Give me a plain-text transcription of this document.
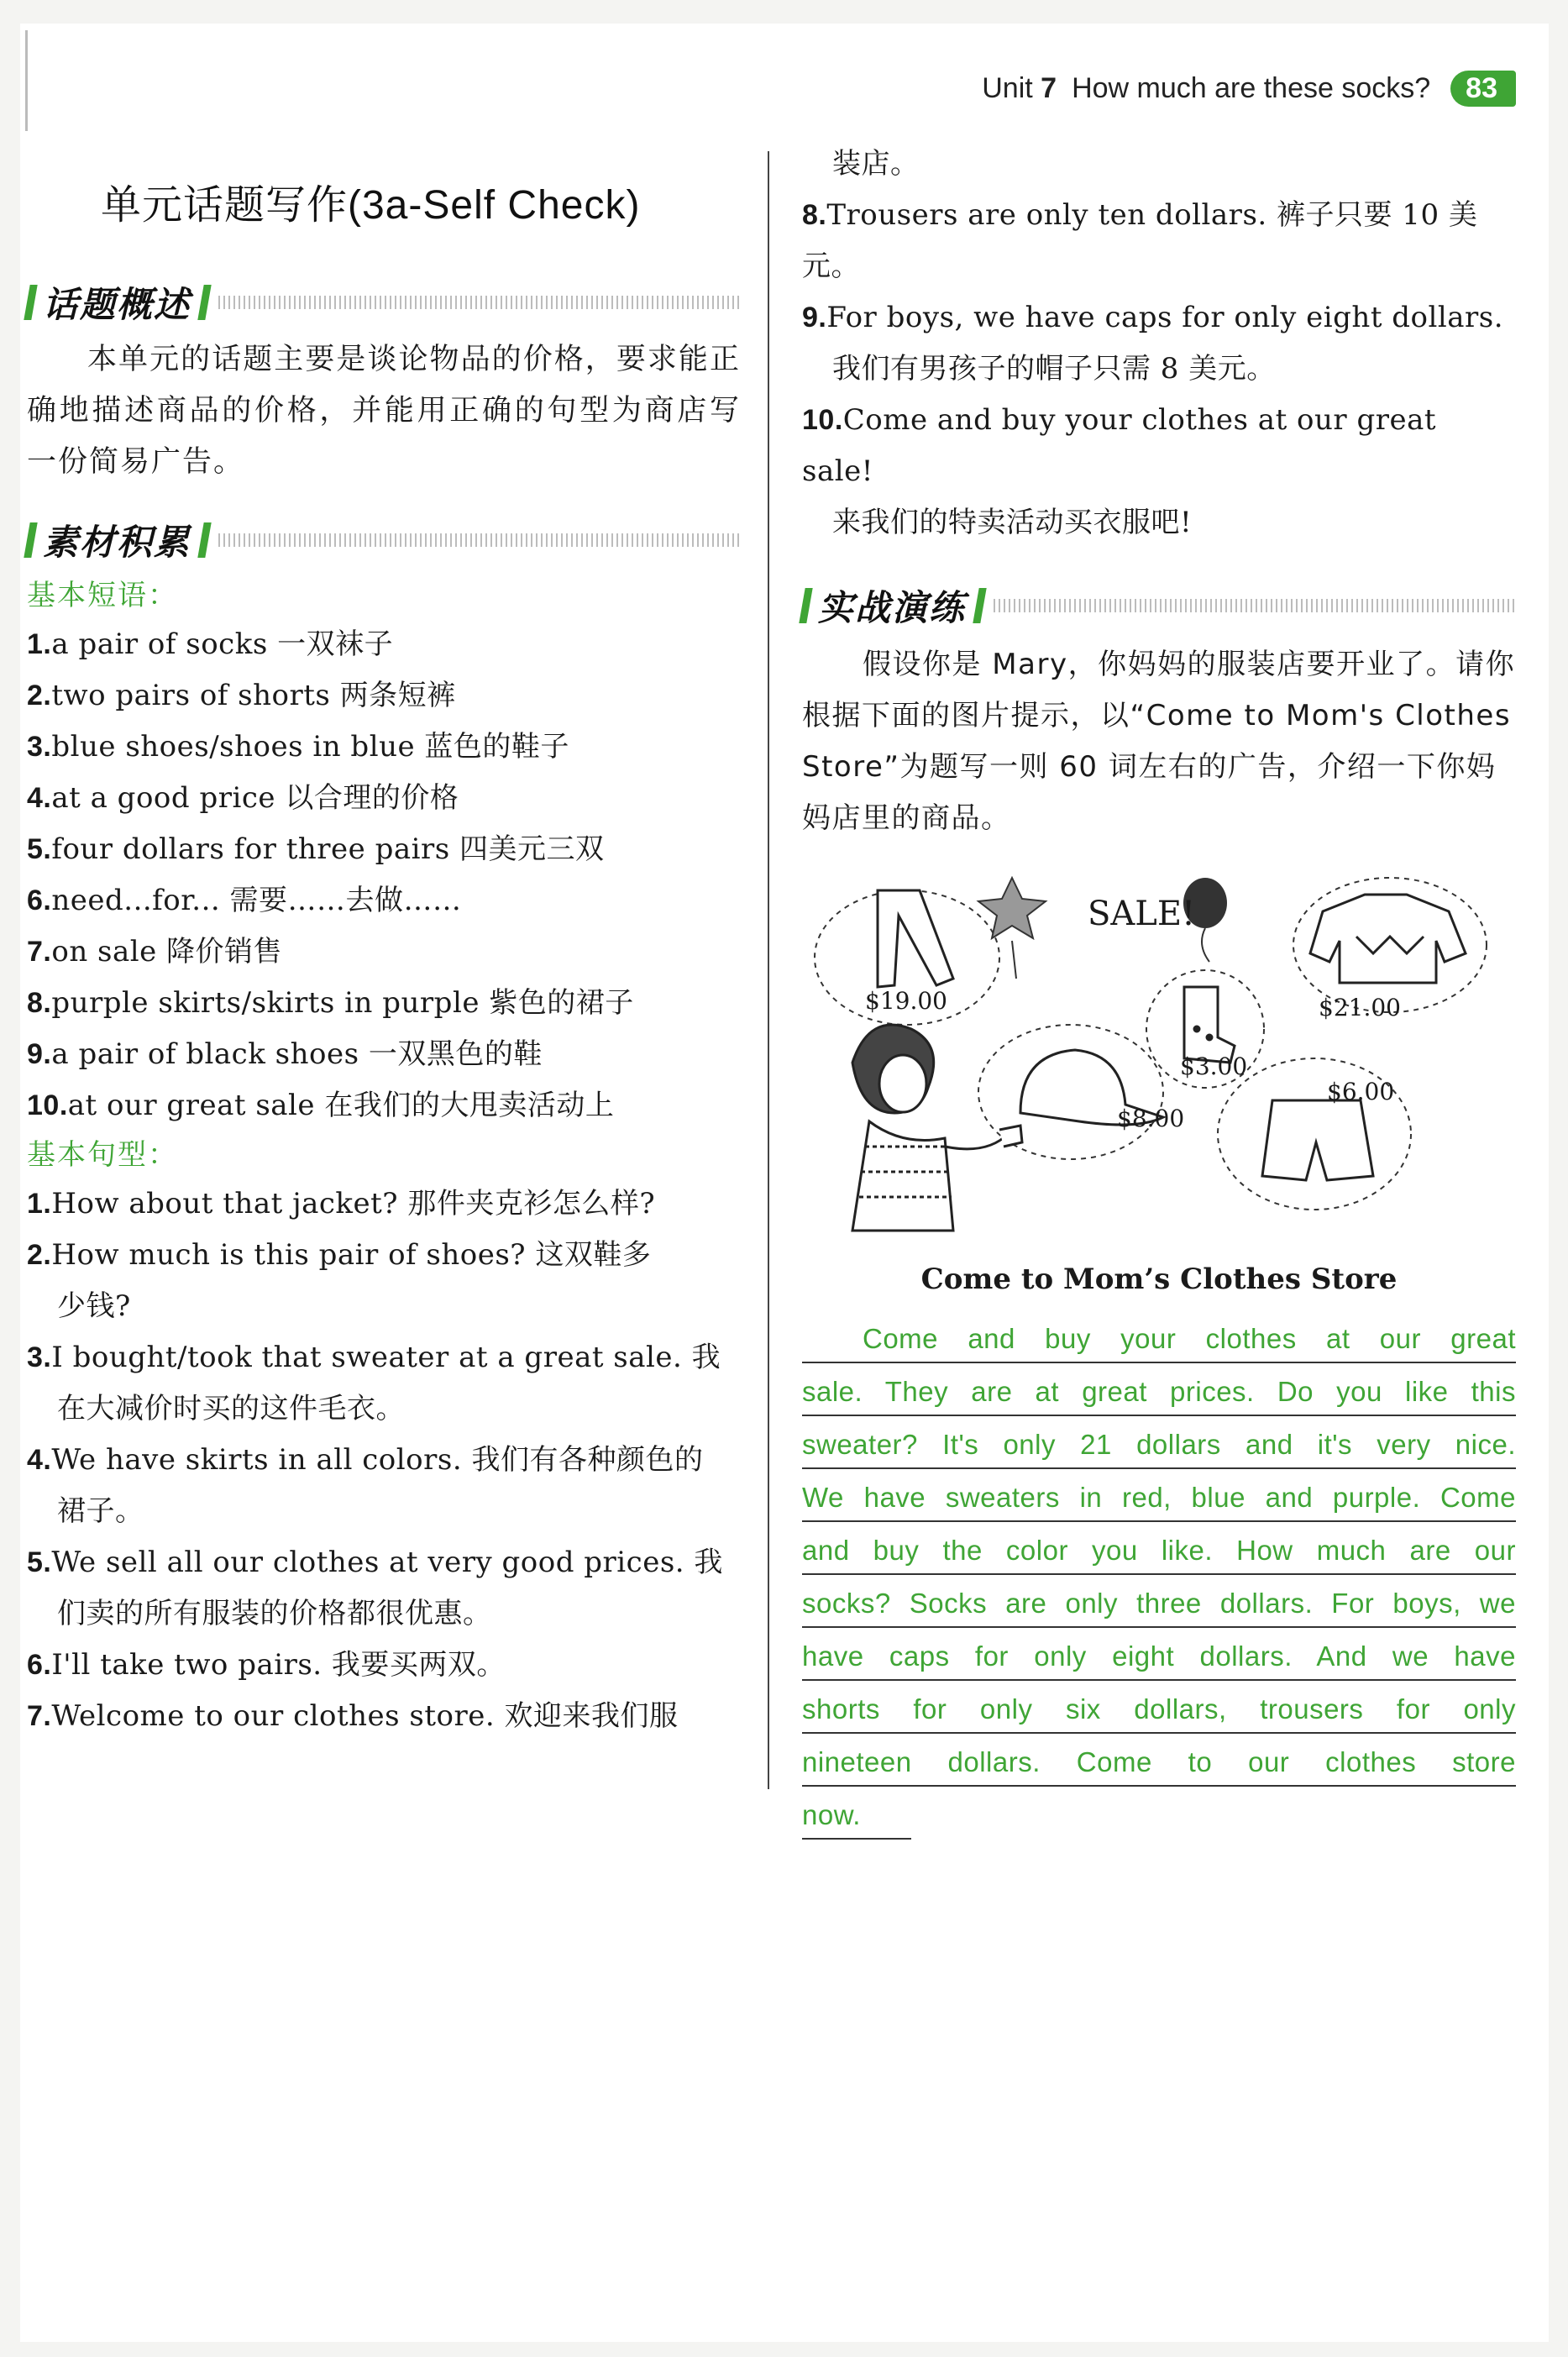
Unit 7 How much are these socks?	83
单元话题写作(3a-Self Check)
话题概述
本单元的话题主要是谈论物品的价格，要求能正确地描述商品的价格，并能用正确的句型为商店写一份简易广告。
素材积累
基本短语：
1.a pair of socks 一双袜子
2.two pairs of shorts 两条短裤
3.blue shoes/shoes in blue 蓝色的鞋子
4.at a good price 以合理的价格
5.four dollars for three pairs 四美元三双
6.need...for... 需要……去做……
7.on sale 降价销售
8.purple skirts/skirts in purple 紫色的裙子
9.a pair of black shoes 一双黑色的鞋
10.at our great sale 在我们的大甩卖活动上
基本句型：
1.How about that jacket? 那件夹克衫怎么样?
2.How much is this pair of shoes? 这双鞋多
少钱?
3.I bought/took that sweater at a great sale. 我
在大减价时买的这件毛衣。
4.We have skirts in all colors. 我们有各种颜色的
裙子。
5.We sell all our clothes at very good prices. 我
们卖的所有服装的价格都很优惠。
6.I'll take two pairs. 我要买两双。
7.Welcome to our clothes store. 欢迎来我们服
装店。
8.Trousers are only ten dollars. 裤子只要 10 美元。
9.For boys, we have caps for only eight dollars.
我们有男孩子的帽子只需 8 美元。
10.Come and buy your clothes at our great sale!
来我们的特卖活动买衣服吧!
实战演练
假设你是 Mary，你妈妈的服装店要开业了。请你根据下面的图片提示，以“Come to Mom's Clothes Store”为题写一则 60 词左右的广告，介绍一下你妈妈店里的商品。
SALE!
$19.00	$21.00
$3.00
$6.00
$8.00
Come to Mom’s Clothes Store
Come and buy your clothes at our great
sale. They are at great prices. Do you like this
sweater? It's only 21 dollars and it's very nice.
We have sweaters in red, blue and purple. Come
and buy the color you like. How much are our
socks? Socks are only three dollars. For boys, we
have caps for only eight dollars. And we have
shorts for only six dollars, trousers for only
nineteen dollars. Come to our clothes store
now.
